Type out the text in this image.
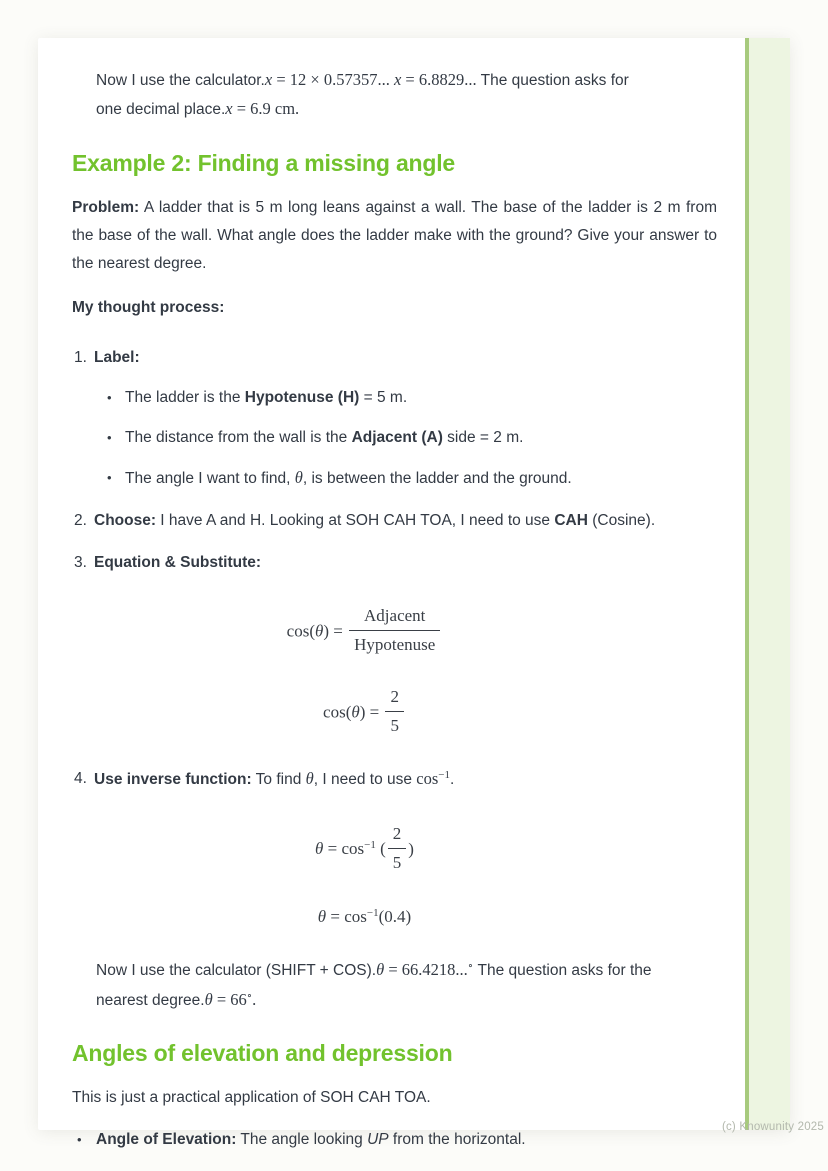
Now I use the calculator.x = 12 × 0.57357... x = 6.8829... The question asks for one decimal place.x = 6.9 cm.

Example 2: Finding a missing angle

Problem: A ladder that is 5 m long leans against a wall. The base of the ladder is 2 m from the base of the wall. What angle does the ladder make with the ground? Give your answer to the nearest degree.

My thought process:

1. Label:

• The ladder is the Hypotenuse (H) = 5 m.

• The distance from the wall is the Adjacent (A) side = 2 m.

• The angle I want to find, θ, is between the ladder and the ground.

2. Choose: I have A and H. Looking at SOH CAH TOA, I need to use CAH (Cosine).

3. Equation & Substitute:

$\cos(\theta) = \frac{\text{Adjacent}}{\text{Hypotenuse}}$
$\cos(\theta) = \frac{2}{5}$
4. Use inverse function: To find θ, I need to use $\cos^{-1}$.

$\theta = \cos^{-1}$ ( $\frac{2}{5}$ )
$\theta = \cos^{-1}(0.4)$

Now I use the calculator (SHIFT + COS).θ = 66.4218...∘ The question asks for the nearest degree.θ = 66∘.

Angles of elevation and depression

This is just a practical application of SOH CAH TOA.

• Angle of Elevation: The angle looking UP from the horizontal.

(c) Knowunity 2025
